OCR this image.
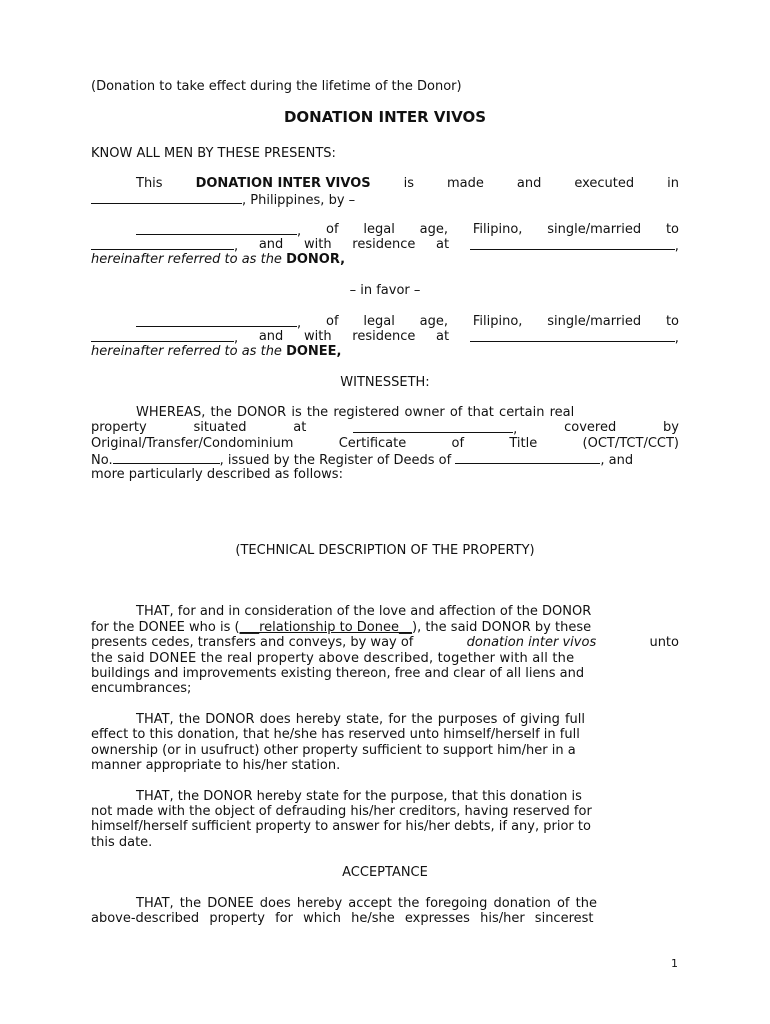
(Donation to take effect during the lifetime of the Donor)
DONATION INTER VIVOS
KNOW ALL MEN BY THESE PRESENTS:
This	DONATION INTER VIVOS	is	made	and	executed	in
, Philippines, by –
, of legal age, Filipino, single/married to
, and with residence at	,
hereinafter referred to as the DONOR,
– in favor –
, of legal age, Filipino, single/married to
, and with residence at	,
hereinafter referred to as the DONEE,
WITNESSETH:
WHEREAS, the DONOR is the registered owner of that certain real
property	situated	at	,	covered	by
Original/Transfer/Condominium	Certificate	of	Title	(OCT/TCT/CCT)
No.	, issued by the Register of Deeds of	, and
more particularly described as follows:
(TECHNICAL DESCRIPTION OF THE PROPERTY)
THAT, for and in consideration of the love and affection of the DONOR
for the DONEE who is (___relationship to Donee__), the said DONOR by these
presents cedes, transfers and conveys, by way of	donation inter vivos	unto
the said DONEE the real property above described, together with all the
buildings and improvements existing thereon, free and clear of all liens and
encumbrances;
THAT, the DONOR does hereby state, for the purposes of giving full
effect to this donation, that he/she has reserved unto himself/herself in full
ownership (or in usufruct) other property sufficient to support him/her in a
manner appropriate to his/her station.
THAT, the DONOR hereby state for the purpose, that this donation is
not made with the object of defrauding his/her creditors, having reserved for
himself/herself sufficient property to answer for his/her debts, if any, prior to
this date.
ACCEPTANCE
THAT, the DONEE does hereby accept the foregoing donation of the
above-described property for which he/she expresses his/her sincerest
1
